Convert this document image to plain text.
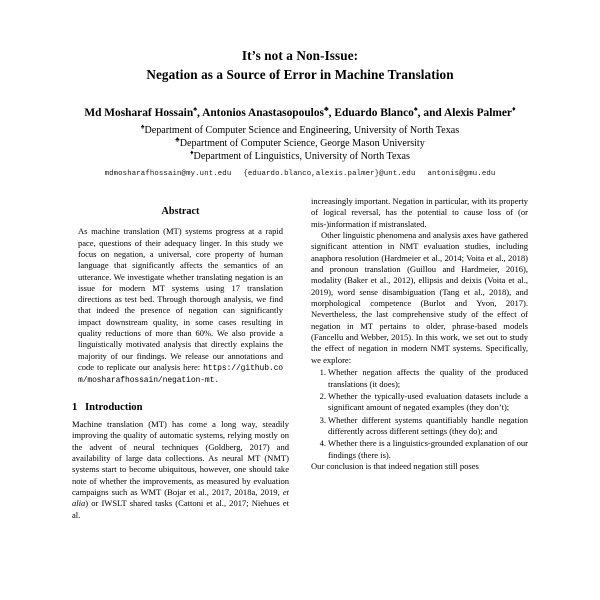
It’s not a Non-Issue:
Negation as a Source of Error in Machine Translation
Md Mosharaf Hossain♠, Antonios Anastasopoulos♣, Eduardo Blanco♠, and Alexis Palmer♦
♠Department of Computer Science and Engineering, University of North Texas
♣Department of Computer Science, George Mason University
♦Department of Linguistics, University of North Texas
mdmosharafhossain@my.unt.edu {eduardo.blanco,alexis.palmer}@unt.edu antonis@gmu.edu
Abstract
As machine translation (MT) systems progress at a rapid pace, questions of their adequacy linger. In this study we focus on negation, a universal, core property of human language that significantly affects the semantics of an utterance. We investigate whether translating negation is an issue for modern MT systems using 17 translation directions as test bed. Through thorough analysis, we find that indeed the presence of negation can significantly impact downstream quality, in some cases resulting in quality reductions of more than 60%. We also provide a linguistically motivated analysis that directly explains the majority of our findings. We release our annotations and code to replicate our analysis here: https://github.com/mosharafhossain/negation-mt.
1 Introduction

Machine translation (MT) has come a long way, steadily improving the quality of automatic systems, relying mostly on the advent of neural techniques (Goldberg, 2017) and availability of large data collections. As neural MT (NMT) systems start to become ubiquitous, however, one should take note of whether the improvements, as measured by evaluation campaigns such as WMT (Bojar et al., 2017, 2018a, 2019, et alia) or IWSLT shared tasks (Cattoni et al., 2017; Niehues et al.

increasingly important. Negation in particular, with its property of logical reversal, has the potential to cause loss of (or mis-)information if mistranslated.

Other linguistic phenomena and analysis axes have gathered significant attention in NMT evaluation studies, including anaphora resolution (Hardmeier et al., 2014; Voita et al., 2018) and pronoun translation (Guillou and Hardmeier, 2016), modality (Baker et al., 2012), ellipsis and deixis (Voita et al., 2019), word sense disambiguation (Tang et al., 2018), and morphological competence (Burlot and Yvon, 2017). Nevertheless, the last comprehensive study of the effect of negation in MT pertains to older, phrase-based models (Fancellu and Webber, 2015). In this work, we set out to study the effect of negation in modern NMT systems. Specifically, we explore:

Whether negation affects the quality of the produced translations (it does);
Whether the typically-used evaluation datasets include a significant amount of negated examples (they don’t);
Whether different systems quantifiably handle negation differently across different settings (they do); and
Whether there is a linguistics-grounded explanation of our findings (there is).

Our conclusion is that indeed negation still poses
